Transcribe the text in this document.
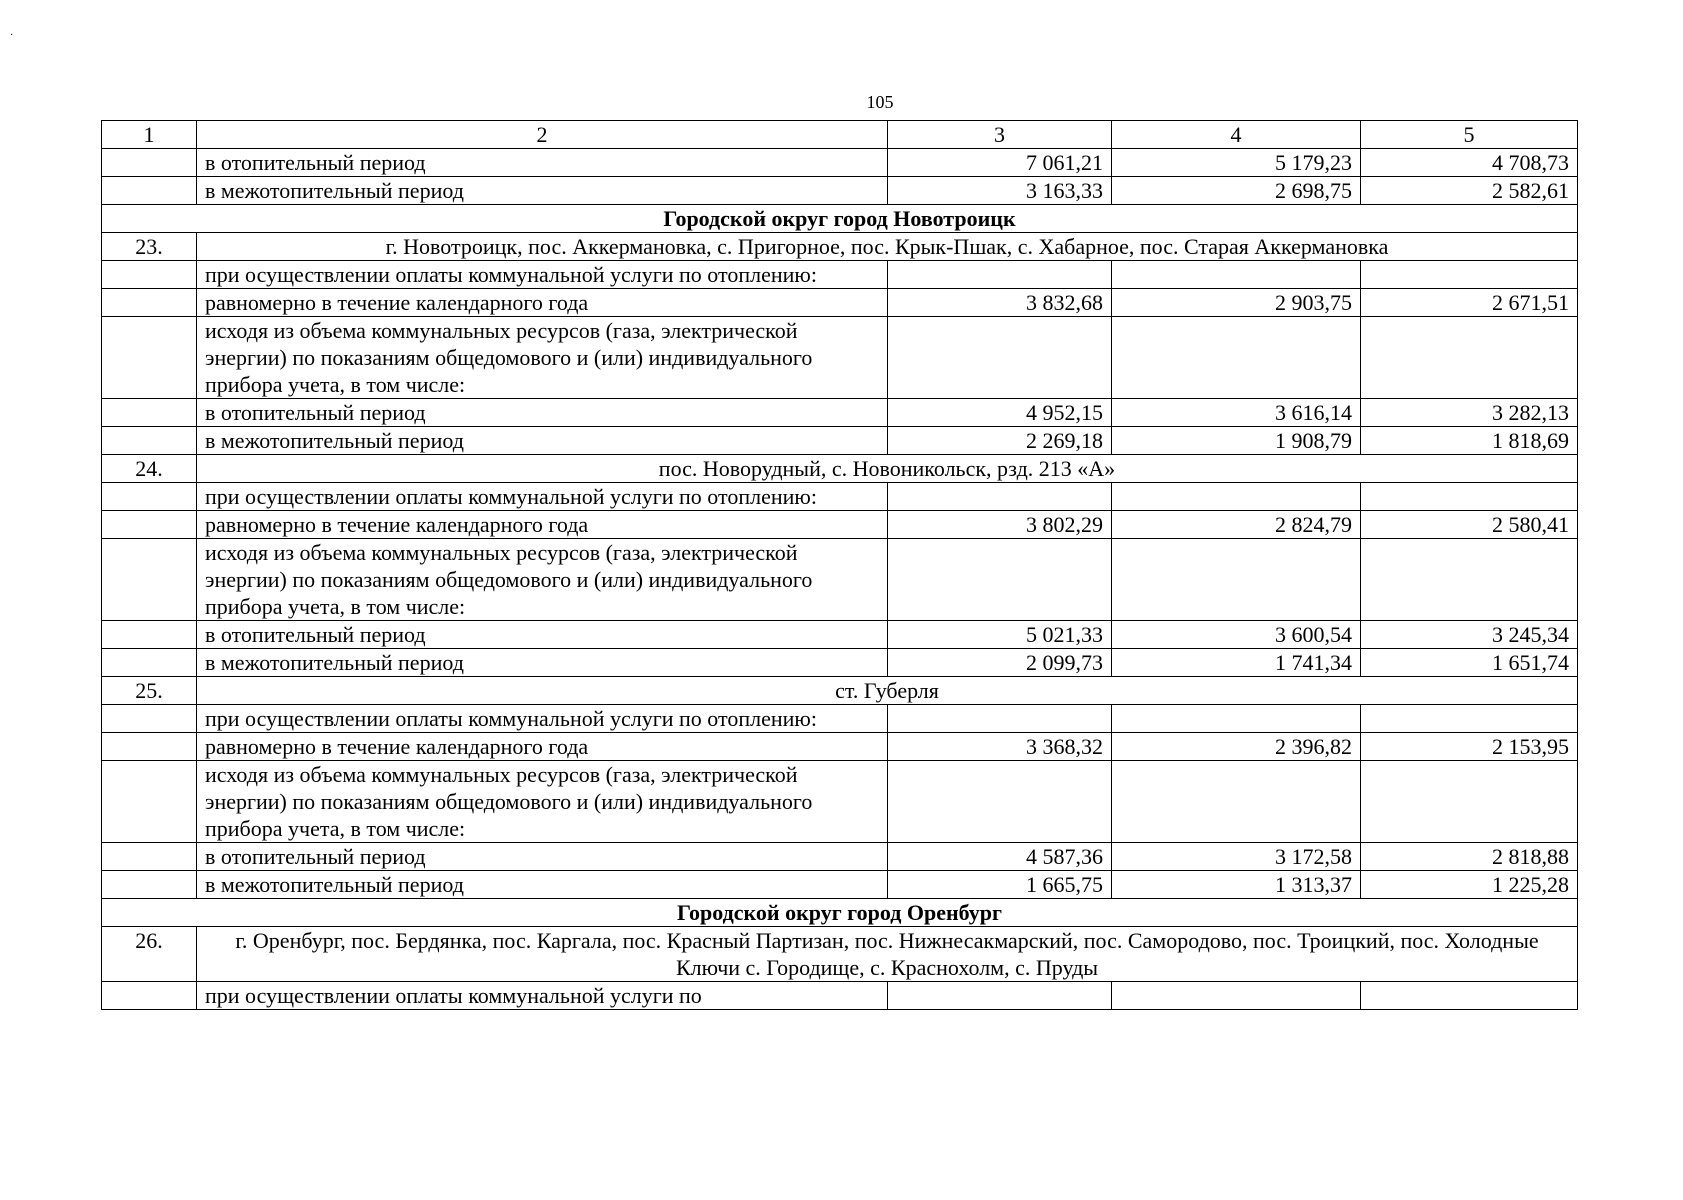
·
105
1	2	3	4	5
	в отопительный период	7 061,21	5 179,23	4 708,73
	в межотопительный период	3 163,33	2 698,75	2 582,61
Городской округ город Новотроицк				
23.	г. Новотроицк, пос. Аккермановка, с. Пригорное, пос. Крык-Пшак, с. Хабарное, пос. Старая Аккермановка			
	при осуществлении оплаты коммунальной услуги по отоплению:			
	равномерно в течение календарного года	3 832,68	2 903,75	2 671,51
	исходя из объема коммунальных ресурсов (газа, электрической энергии) по показаниям общедомового и (или) индивидуального прибора учета, в том числе:			
	в отопительный период	4 952,15	3 616,14	3 282,13
	в межотопительный период	2 269,18	1 908,79	1 818,69
24.	пос. Новорудный, с. Новоникольск, рзд. 213 «А»			
	при осуществлении оплаты коммунальной услуги по отоплению:			
	равномерно в течение календарного года	3 802,29	2 824,79	2 580,41
	исходя из объема коммунальных ресурсов (газа, электрической энергии) по показаниям общедомового и (или) индивидуального прибора учета, в том числе:			
	в отопительный период	5 021,33	3 600,54	3 245,34
	в межотопительный период	2 099,73	1 741,34	1 651,74
25.	ст. Губерля			
	при осуществлении оплаты коммунальной услуги по отоплению:			
	равномерно в течение календарного года	3 368,32	2 396,82	2 153,95
	исходя из объема коммунальных ресурсов (газа, электрической энергии) по показаниям общедомового и (или) индивидуального прибора учета, в том числе:			
	в отопительный период	4 587,36	3 172,58	2 818,88
	в межотопительный период	1 665,75	1 313,37	1 225,28
Городской округ город Оренбург				
26.	г. Оренбург, пос. Бердянка, пос. Каргала, пос. Красный Партизан, пос. Нижнесакмарский, пос. Самородово, пос. Троицкий, пос. Холодные Ключи с. Городище, с. Краснохолм, с. Пруды			
	при осуществлении оплаты коммунальной услуги по			
